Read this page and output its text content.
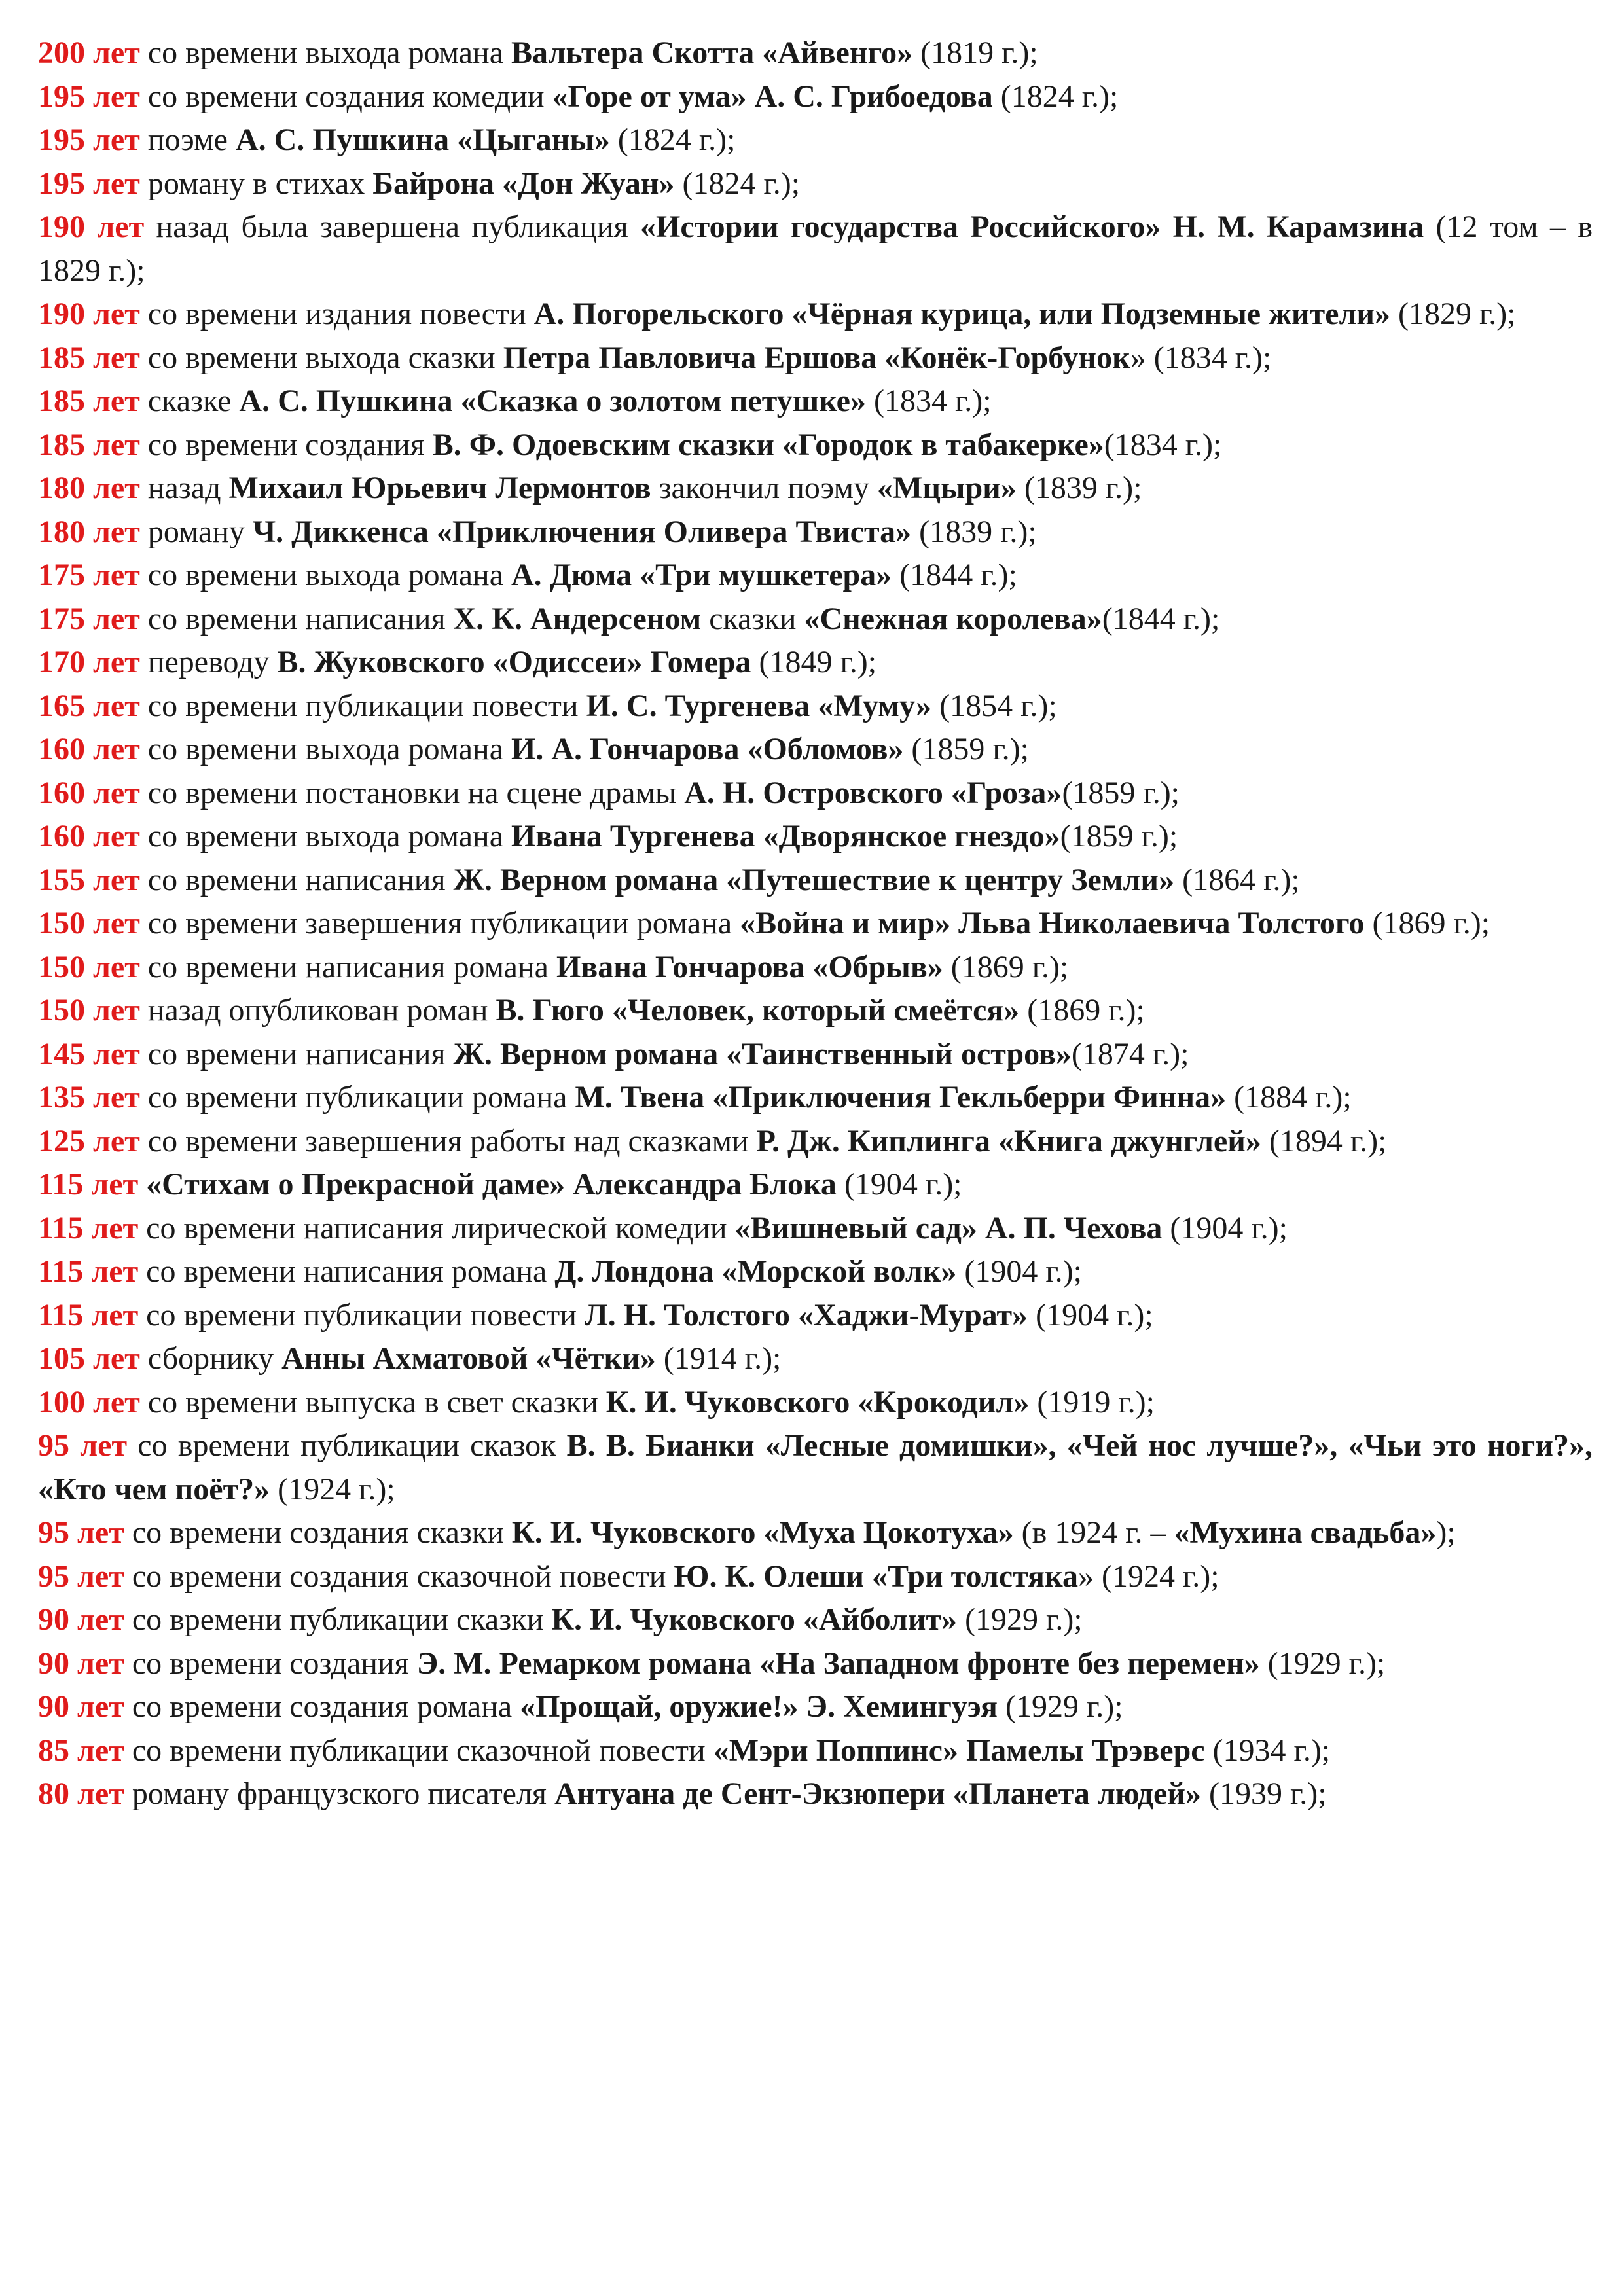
200 лет со времени выхода романа Вальтера Скотта «Айвенго» (1819 г.);

195 лет со времени создания комедии «Горе от ума» А. С. Грибоедова (1824 г.);

195 лет поэме А. С. Пушкина «Цыганы» (1824 г.);

195 лет роману в стихах Байрона «Дон Жуан» (1824 г.);

190 лет назад была завершена публикация «Истории государства Российского» Н. М. Карамзина (12 том – в 1829 г.);

190 лет со времени издания повести А. Погорельского «Чёрная курица, или Подземные жители» (1829 г.);

185 лет со времени выхода сказки Петра Павловича Ершова «Конёк-Горбунок» (1834 г.);

185 лет сказке А. С. Пушкина «Сказка о золотом петушке» (1834 г.);

185 лет со времени создания В. Ф. Одоевским сказки «Городок в табакерке»(1834 г.);

180 лет назад Михаил Юрьевич Лермонтов закончил поэму «Мцыри» (1839 г.);

180 лет роману Ч. Диккенса «Приключения Оливера Твиста» (1839 г.);

175 лет со времени выхода романа А. Дюма «Три мушкетера» (1844 г.);

175 лет со времени написания Х. К. Андерсеном сказки «Снежная королева»(1844 г.);

170 лет переводу В. Жуковского «Одиссеи» Гомера (1849 г.);

165 лет со времени публикации повести И. С. Тургенева «Муму» (1854 г.);

160 лет со времени выхода романа И. А. Гончарова «Обломов» (1859 г.);

160 лет со времени постановки на сцене драмы А. Н. Островского «Гроза»(1859 г.);

160 лет со времени выхода романа Ивана Тургенева «Дворянское гнездо»(1859 г.);

155 лет со времени написания Ж. Верном романа «Путешествие к центру Земли» (1864 г.);

150 лет со времени завершения публикации романа «Война и мир» Льва Николаевича Толстого (1869 г.);

150 лет со времени написания романа Ивана Гончарова «Обрыв» (1869 г.);

150 лет назад опубликован роман В. Гюго «Человек, который смеётся» (1869 г.);

145 лет со времени написания Ж. Верном романа «Таинственный остров»(1874 г.);

135 лет со времени публикации романа М. Твена «Приключения Гекльберри Финна» (1884 г.);

125 лет со времени завершения работы над сказками Р. Дж. Киплинга «Книга джунглей» (1894 г.);

115 лет «Стихам о Прекрасной даме» Александра Блока (1904 г.);

115 лет со времени написания лирической комедии «Вишневый сад» А. П. Чехова (1904 г.);

115 лет со времени написания романа Д. Лондона «Морской волк» (1904 г.);

115 лет со времени публикации повести Л. Н. Толстого «Хаджи-Мурат» (1904 г.);

105 лет сборнику Анны Ахматовой «Чётки» (1914 г.);

100 лет со времени выпуска в свет сказки К. И. Чуковского «Крокодил» (1919 г.);

95 лет со времени публикации сказок В. В. Бианки «Лесные домишки», «Чей нос лучше?», «Чьи это ноги?», «Кто чем поёт?» (1924 г.);

95 лет со времени создания сказки К. И. Чуковского «Муха Цокотуха» (в 1924 г. – «Мухина свадьба»);

95 лет со времени создания сказочной повести Ю. К. Олеши «Три толстяка» (1924 г.);

90 лет со времени публикации сказки К. И. Чуковского «Айболит» (1929 г.);

90 лет со времени создания Э. М. Ремарком романа «На Западном фронте без перемен» (1929 г.);

90 лет со времени создания романа «Прощай, оружие!» Э. Хемингуэя (1929 г.);

85 лет со времени публикации сказочной повести «Мэри Поппинс» Памелы Трэверс (1934 г.);

80 лет роману французского писателя Антуана де Сент-Экзюпери «Планета людей» (1939 г.);
